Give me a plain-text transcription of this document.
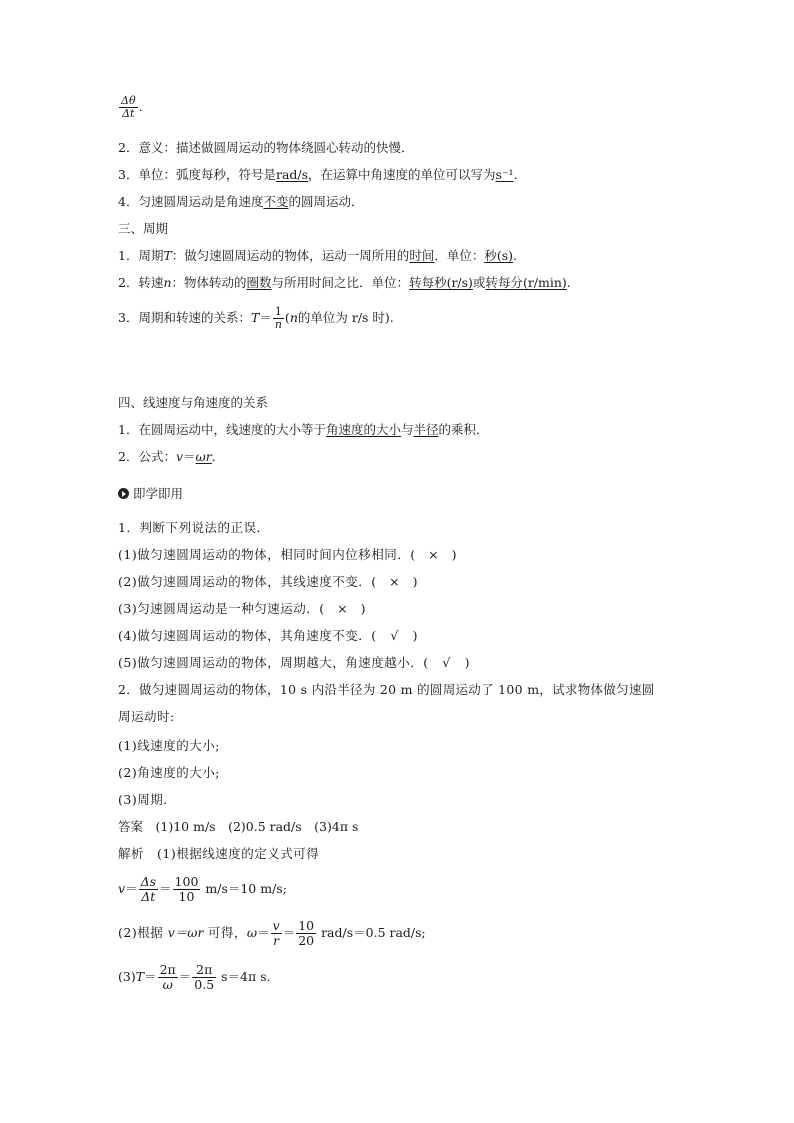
$\frac{\Delta\theta}{\Delta t}$ .
2．意义：描述做圆周运动的物体绕圆心转动的快慢．
3．单位：弧度每秒，符号是rad/s，在运算中角速度的单位可以写为s⁻¹.
4．匀速圆周运动是角速度不变的圆周运动．
三、周期
1．周期T：做匀速圆周运动的物体，运动一周所用的时间．单位：秒(s).
2．转速n：物体转动的圈数与所用时间之比．单位：转每秒(r/s)或转每分(r/min).
3．周期和转速的关系：$T= \frac{1}{n} (n$的单位为 r/s 时).
四、线速度与角速度的关系
1．在圆周运动中，线速度的大小等于角速度的大小与半径的乘积．
2．公式：v＝ωr.
即学即用
1．判断下列说法的正误．
(1)做匀速圆周运动的物体，相同时间内位移相同．( × )
(2)做匀速圆周运动的物体，其线速度不变．( × )
(3)匀速圆周运动是一种匀速运动．( × )
(4)做匀速圆周运动的物体，其角速度不变．( √ )
(5)做匀速圆周运动的物体，周期越大，角速度越小．( √ )
2．做匀速圆周运动的物体，10 s 内沿半径为 20 m 的圆周运动了 100 m，试求物体做匀速圆
周运动时:
(1)线速度的大小;
(2)角速度的大小;
(3)周期.
答案　(1)10 m/s　(2)0.5 rad/s　(3)4π s
解析　(1)根据线速度的定义式可得
$v= \frac{\Delta s}{\Delta t} = \frac{100}{10} m/s=10$ m/s;
(2)根据 v＝ωr 可得，$\omega= \frac{v}{r} = \frac{10}{20} rad/s=0.5$ rad/s;
$(3)T= \frac{2\pi}{\omega} = \frac{2\pi}{0.5} s=4\pi$ s.
